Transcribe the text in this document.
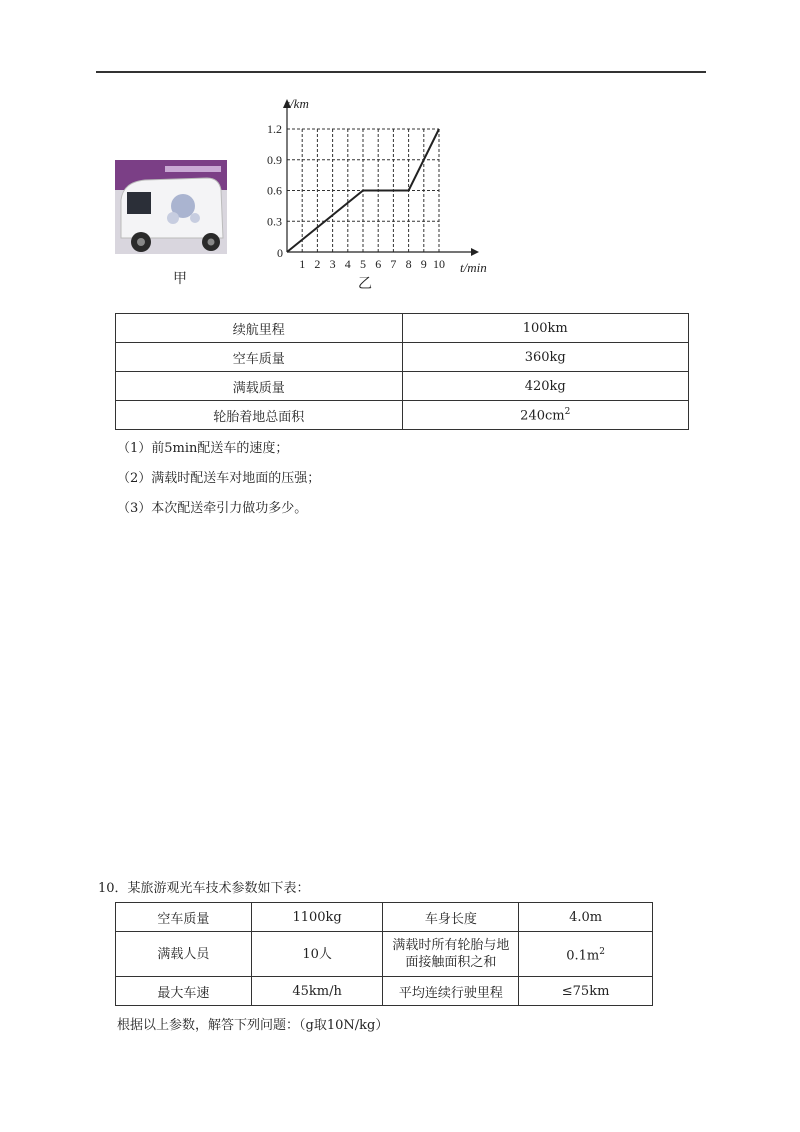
甲
1 2 3 4 5 6 7 8 9 10
0.3
0.6
0.9
1.2
s/km
t/min
0
乙
续航里程	100km
空车质量	360kg
满载质量	420kg
轮胎着地总面积	$240cm^2$
（1）前5min配送车的速度；
（2）满载时配送车对地面的压强；
（3）本次配送牵引力做功多少。
10．某旅游观光车技术参数如下表：
空车质量	1100kg	车身长度	4.0m
满载人员	10人	满载时所有轮胎与地面接触面积之和	$0.1m^2$
最大车速	45km/h	平均连续行驶里程	≤75km
根据以上参数，解答下列问题：（g取10N/kg）
